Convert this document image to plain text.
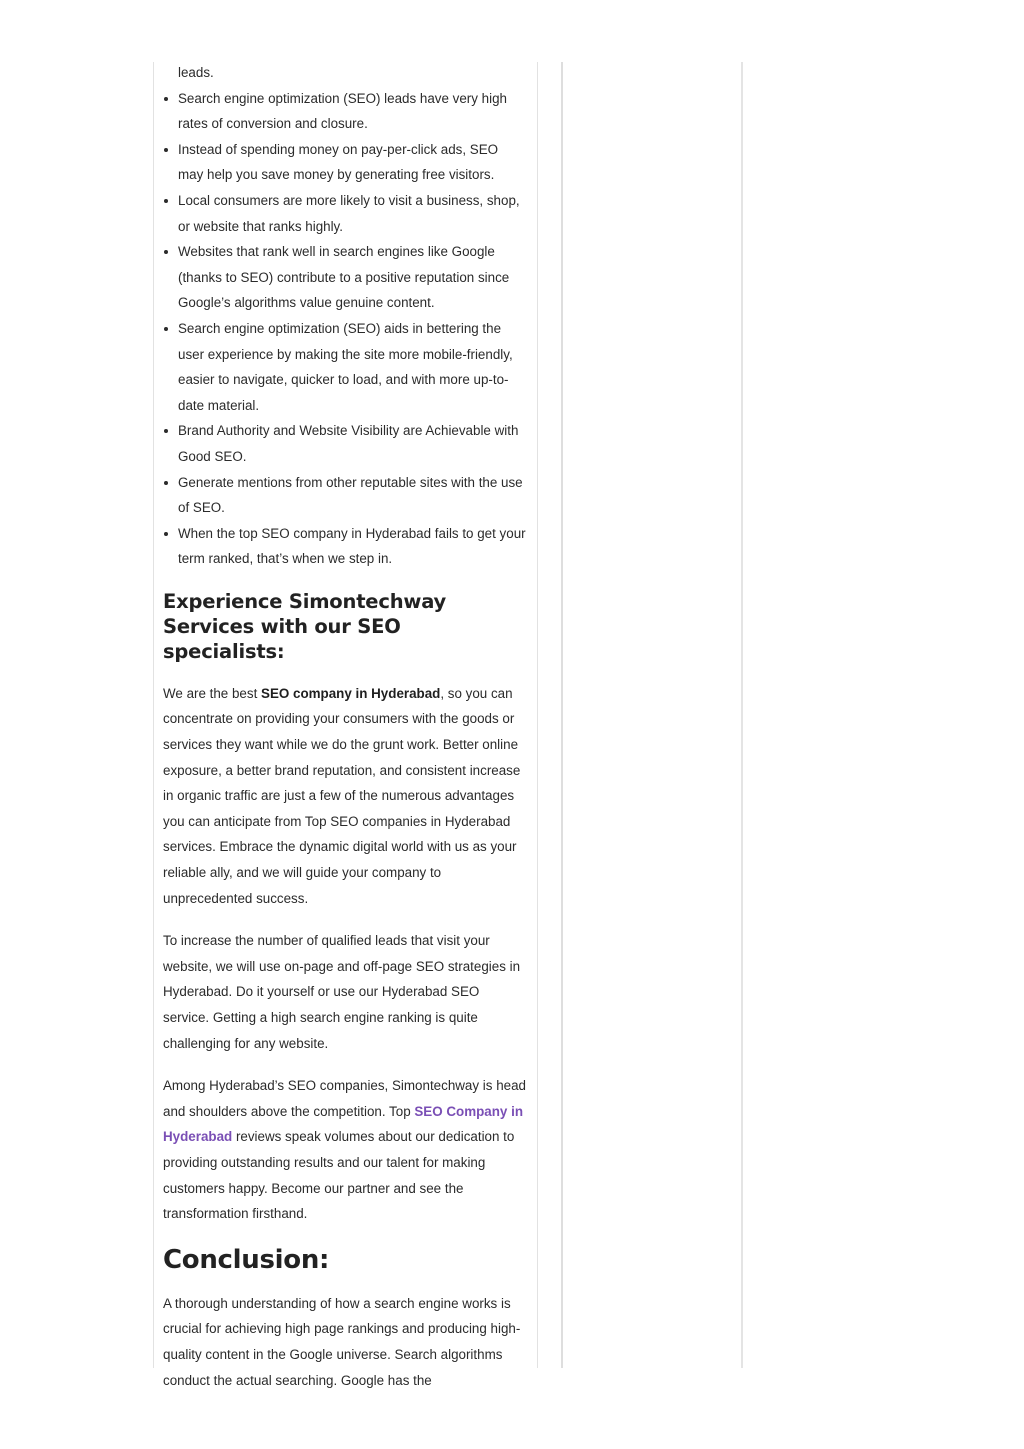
leads.

Search engine optimization (SEO) leads have very high rates of conversion and closure.
Instead of spending money on pay-per-click ads, SEO may help you save money by generating free visitors.
Local consumers are more likely to visit a business, shop, or website that ranks highly.
Websites that rank well in search engines like Google (thanks to SEO) contribute to a positive reputation since Google’s algorithms value genuine content.
Search engine optimization (SEO) aids in bettering the user experience by making the site more mobile-friendly, easier to navigate, quicker to load, and with more up-to-date material.
Brand Authority and Website Visibility are Achievable with Good SEO.
Generate mentions from other reputable sites with the use of SEO.
When the top SEO company in Hyderabad fails to get your term ranked, that’s when we step in.
Experience Simontechway Services with our SEO specialists:

We are the best SEO company in Hyderabad, so you can concentrate on providing your consumers with the goods or services they want while we do the grunt work. Better online exposure, a better brand reputation, and consistent increase in organic traffic are just a few of the numerous advantages you can anticipate from Top SEO companies in Hyderabad services. Embrace the dynamic digital world with us as your reliable ally, and we will guide your company to unprecedented success.

To increase the number of qualified leads that visit your website, we will use on-page and off-page SEO strategies in Hyderabad. Do it yourself or use our Hyderabad SEO service. Getting a high search engine ranking is quite challenging for any website.

Among Hyderabad’s SEO companies, Simontechway is head and shoulders above the competition. Top SEO Company in Hyderabad reviews speak volumes about our dedication to providing outstanding results and our talent for making customers happy. Become our partner and see the transformation firsthand.

Conclusion:

A thorough understanding of how a search engine works is crucial for achieving high page rankings and producing high-quality content in the Google universe. Search algorithms conduct the actual searching. Google has the
